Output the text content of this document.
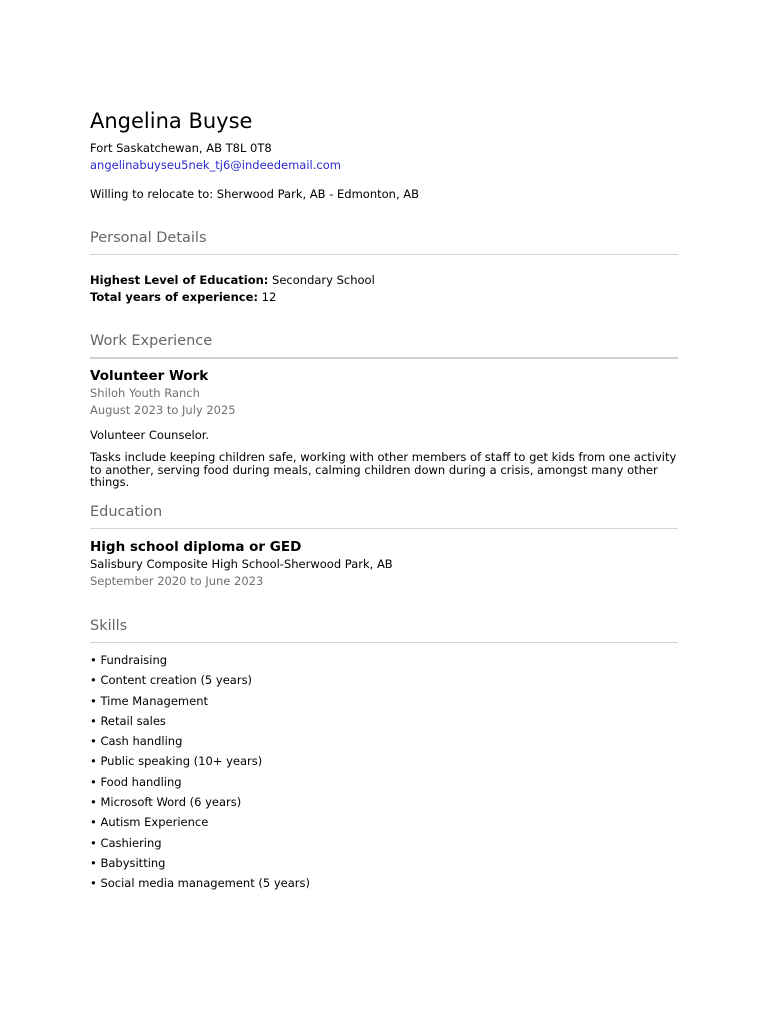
Angelina Buyse
Fort Saskatchewan, AB T8L 0T8
angelinabuyseu5nek_tj6@indeedemail.com
Willing to relocate to: Sherwood Park, AB - Edmonton, AB
Personal Details
Highest Level of Education: Secondary School
Total years of experience: 12
Work Experience
Volunteer Work
Shiloh Youth Ranch
August 2023 to July 2025
Volunteer Counselor.
Tasks include keeping children safe, working with other members of staff to get kids from one activity to another, serving food during meals, calming children down during a crisis, amongst many other things.
Education
High school diploma or GED
Salisbury Composite High School-Sherwood Park, AB
September 2020 to June 2023
Skills
• Fundraising
• Content creation (5 years)
• Time Management
• Retail sales
• Cash handling
• Public speaking (10+ years)
• Food handling
• Microsoft Word (6 years)
• Autism Experience
• Cashiering
• Babysitting
• Social media management (5 years)
